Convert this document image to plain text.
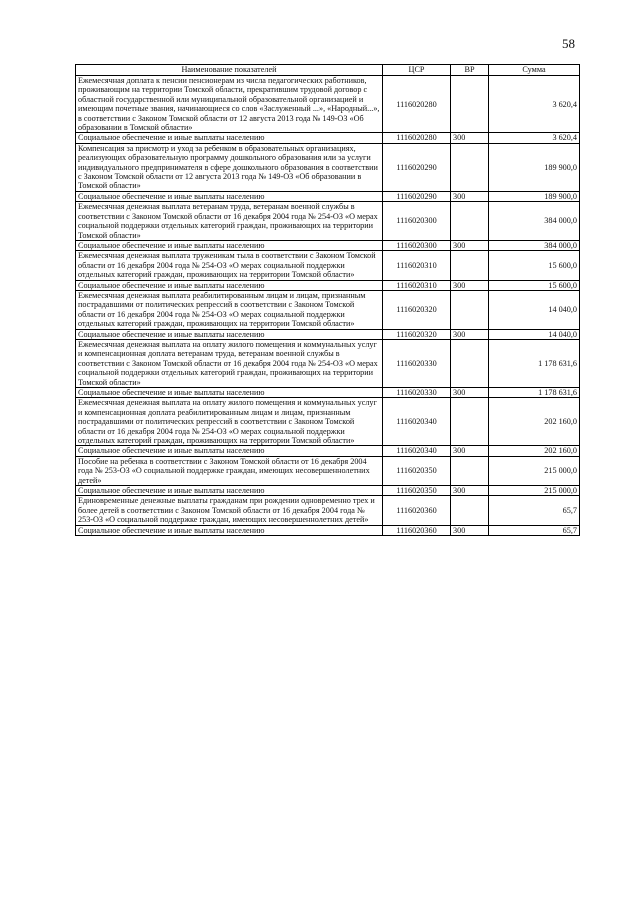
58
Наименование показателей	ЦСР	ВР	Сумма
Ежемесячная доплата к пенсии пенсионерам из числа педагогических работников, проживающим на территории Томской области, прекратившим трудовой договор с областной государственной или муниципальной образовательной организацией и имеющим почетные звания, начинающиеся со слов «Заслуженный ...», «Народный...», в соответствии с Законом Томской области от 12 августа 2013 года № 149-ОЗ «Об образовании в Томской области»	1116020280		3 620,4
Социальное обеспечение и иные выплаты населению	1116020280	300	3 620,4
Компенсация за присмотр и уход за ребенком в образовательных организациях, реализующих образовательную программу дошкольного образования или за услуги индивидуального предпринимателя в сфере дошкольного образования в соответствии с Законом Томской области от 12 августа 2013 года № 149-ОЗ «Об образовании в Томской области»	1116020290		189 900,0
Социальное обеспечение и иные выплаты населению	1116020290	300	189 900,0
Ежемесячная денежная выплата ветеранам труда, ветеранам военной службы в соответствии с Законом Томской области от 16 декабря 2004 года № 254-ОЗ «О мерах социальной поддержки отдельных категорий граждан, проживающих на территории Томской области»	1116020300		384 000,0
Социальное обеспечение и иные выплаты населению	1116020300	300	384 000,0
Ежемесячная денежная выплата труженикам тыла в соответствии с Законом Томской области от 16 декабря 2004 года № 254-ОЗ «О мерах социальной поддержки отдельных категорий граждан, проживающих на территории Томской области»	1116020310		15 600,0
Социальное обеспечение и иные выплаты населению	1116020310	300	15 600,0
Ежемесячная денежная выплата реабилитированным лицам и лицам, признанным пострадавшими от политических репрессий в соответствии с Законом Томской области от 16 декабря 2004 года № 254-ОЗ «О мерах социальной поддержки отдельных категорий граждан, проживающих на территории Томской области»	1116020320		14 040,0
Социальное обеспечение и иные выплаты населению	1116020320	300	14 040,0
Ежемесячная денежная выплата на оплату жилого помещения и коммунальных услуг и компенсационная доплата ветеранам труда, ветеранам военной службы в соответствии с Законом Томской области от 16 декабря 2004 года № 254-ОЗ «О мерах социальной поддержки отдельных категорий граждан, проживающих на территории Томской области»	1116020330		1 178 631,6
Социальное обеспечение и иные выплаты населению	1116020330	300	1 178 631,6
Ежемесячная денежная выплата на оплату жилого помещения и коммунальных услуг и компенсационная доплата реабилитированным лицам и лицам, признанным пострадавшими от политических репрессий в соответствии с Законом Томской области от 16 декабря 2004 года № 254-ОЗ «О мерах социальной поддержки отдельных категорий граждан, проживающих на территории Томской области»	1116020340		202 160,0
Социальное обеспечение и иные выплаты населению	1116020340	300	202 160,0
Пособие на ребенка в соответствии с Законом Томской области от 16 декабря 2004 года № 253-ОЗ «О социальной поддержке граждан, имеющих несовершеннолетних детей»	1116020350		215 000,0
Социальное обеспечение и иные выплаты населению	1116020350	300	215 000,0
Единовременные денежные выплаты гражданам при рождении одновременно трех и более детей в соответствии с Законом Томской области от 16 декабря 2004 года № 253-ОЗ «О социальной поддержке граждан, имеющих несовершеннолетних детей»	1116020360		65,7
Социальное обеспечение и иные выплаты населению	1116020360	300	65,7
